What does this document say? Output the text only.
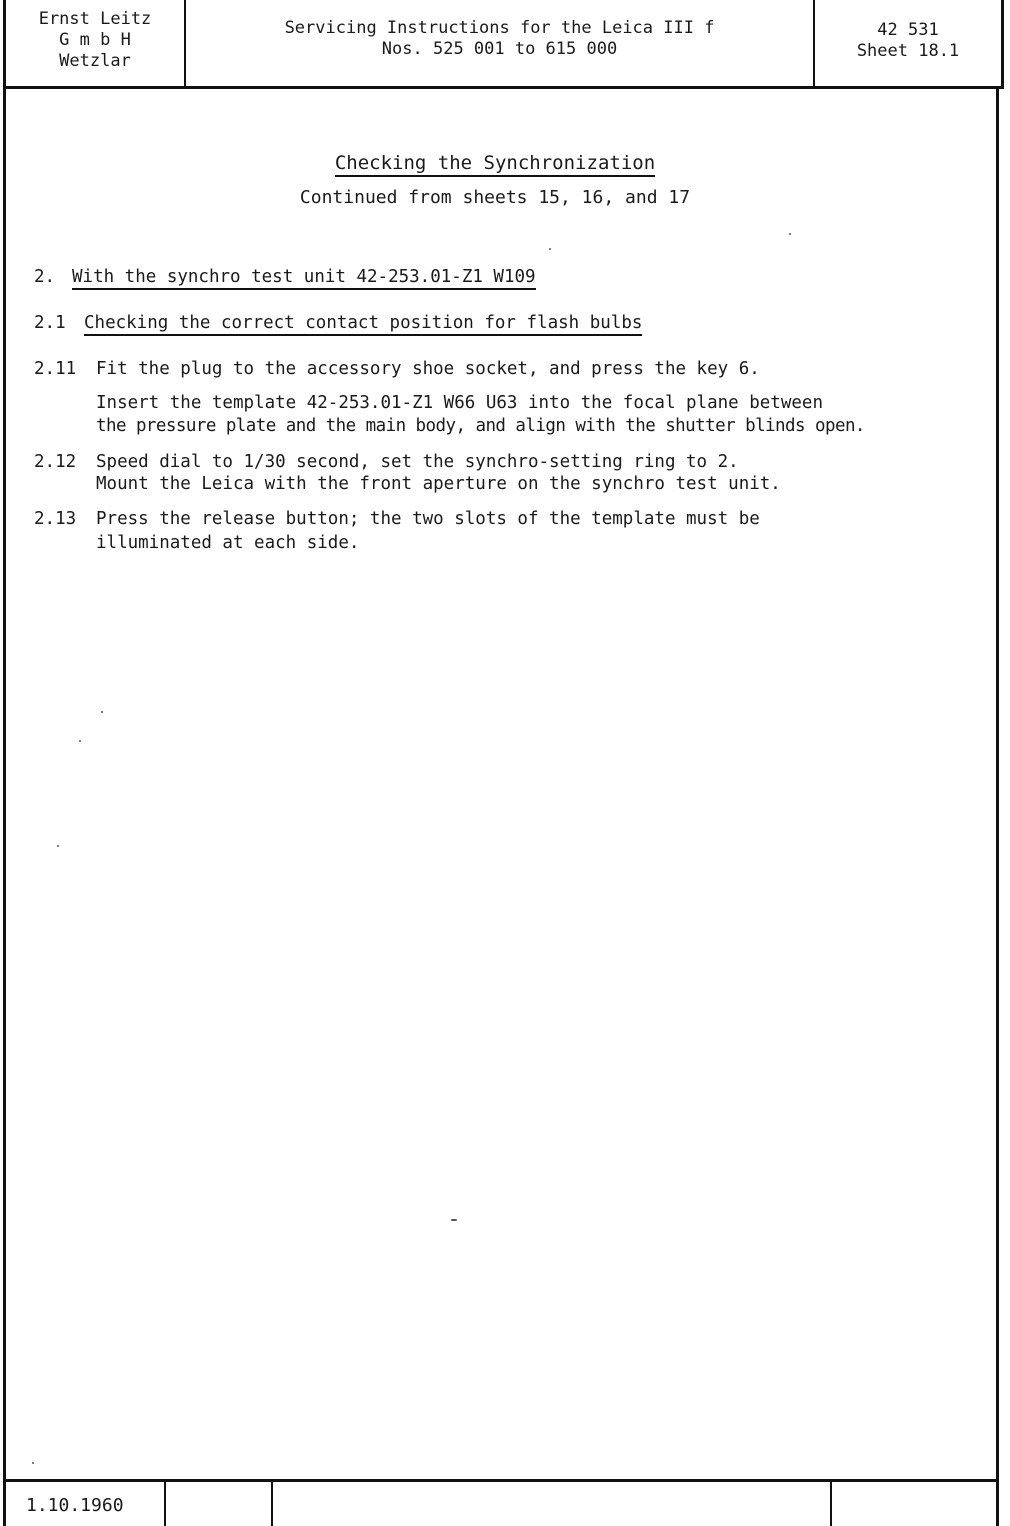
Ernst Leitz
G m b H
Wetzlar
Servicing Instructions for the Leica III f
Nos. 525 001 to 615 000
42 531
Sheet 18.1
Checking the Synchronization
Continued from sheets 15, 16, and 17
2. With the synchro test unit 42-253.01-Z1 W109
2.1 Checking the correct contact position for flash bulbs
2.11 Fit the plug to the accessory shoe socket, and press the key 6.
Insert the template 42-253.01-Z1 W66 U63 into the focal plane between
the pressure plate and the main body, and align with the shutter blinds open.
2.12 Speed dial to 1/30 second, set the synchro-setting ring to 2.
Mount the Leica with the front aperture on the synchro test unit.
2.13 Press the release button; the two slots of the template must be
illuminated at each side.
1.10.1960
